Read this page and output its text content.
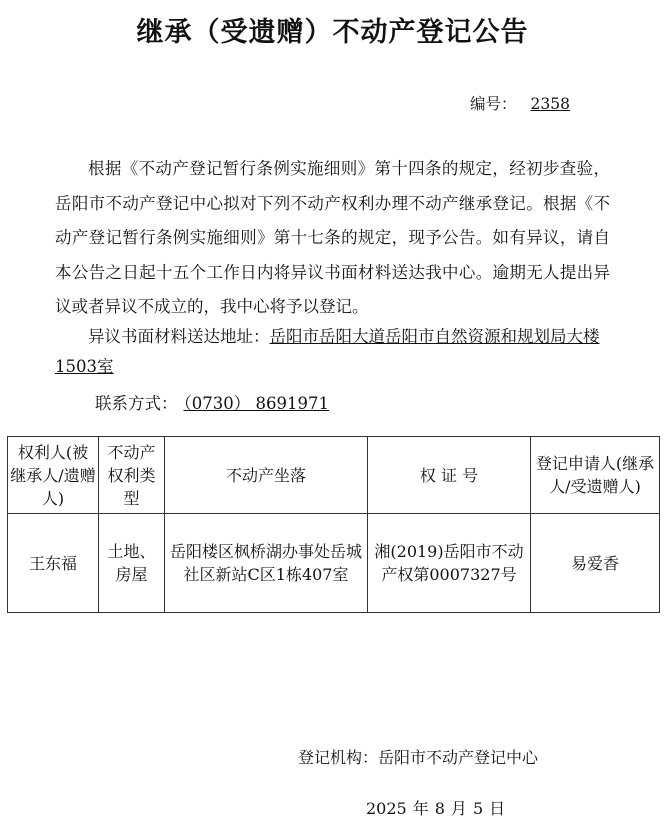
继承（受遗赠）不动产登记公告
编号： 2358

根据《不动产登记暂行条例实施细则》第十四条的规定，经初步查验，岳阳市不动产登记中心拟对下列不动产权利办理不动产继承登记。根据《不动产登记暂行条例实施细则》第十七条的规定，现予公告。如有异议，请自本公告之日起十五个工作日内将异议书面材料送达我中心。逾期无人提出异议或者异议不成立的，我中心将予以登记。

异议书面材料送达地址：岳阳市岳阳大道岳阳市自然资源和规划局大楼1503室

联系方式： （0730） 8691971
权利人(被继承人/遗赠人)	不动产权利类型	不动产坐落	权 证 号	登记申请人(继承人/受遗赠人)
王东福	土地、房屋	岳阳楼区枫桥湖办事处岳城社区新站C区1栋407室	湘(2019)岳阳市不动产权第0007327号	易爱香
登记机构：岳阳市不动产登记中心
2025 年 8 月 5 日
